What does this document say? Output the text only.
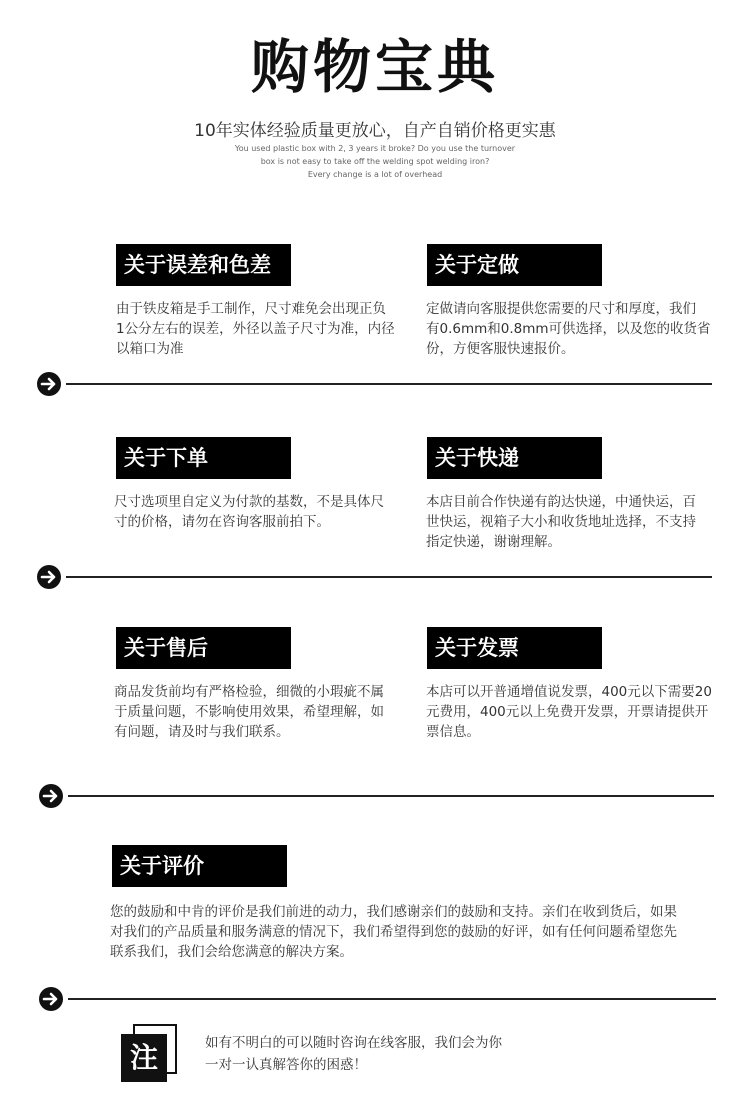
购物宝典
10年实体经验质量更放心，自产自销价格更实惠
You used plastic box with 2, 3 years it broke? Do you use the turnover
box is not easy to take off the welding spot welding iron?
Every change is a lot of overhead
关于误差和色差
由于铁皮箱是手工制作，尺寸难免会出现正负
1公分左右的误差，外径以盖子尺寸为准，内径
以箱口为准
关于定做
定做请向客服提供您需要的尺寸和厚度，我们
有0.6mm和0.8mm可供选择，以及您的收货省
份，方便客服快速报价。
关于下单
尺寸选项里自定义为付款的基数，不是具体尺
寸的价格，请勿在咨询客服前拍下。
关于快递
本店目前合作快递有韵达快递，中通快运，百
世快运，视箱子大小和收货地址选择，不支持
指定快递，谢谢理解。
关于售后
商品发货前均有严格检验，细微的小瑕疵不属
于质量问题，不影响使用效果，希望理解，如
有问题，请及时与我们联系。
关于发票
本店可以开普通增值说发票，400元以下需要20
元费用，400元以上免费开发票，开票请提供开
票信息。
关于评价
您的鼓励和中肯的评价是我们前进的动力，我们感谢亲们的鼓励和支持。亲们在收到货后，如果
对我们的产品质量和服务满意的情况下，我们希望得到您的鼓励的好评，如有任何问题希望您先
联系我们，我们会给您满意的解决方案。
注	如有不明白的可以随时咨询在线客服，我们会为你
一对一认真解答你的困惑！
